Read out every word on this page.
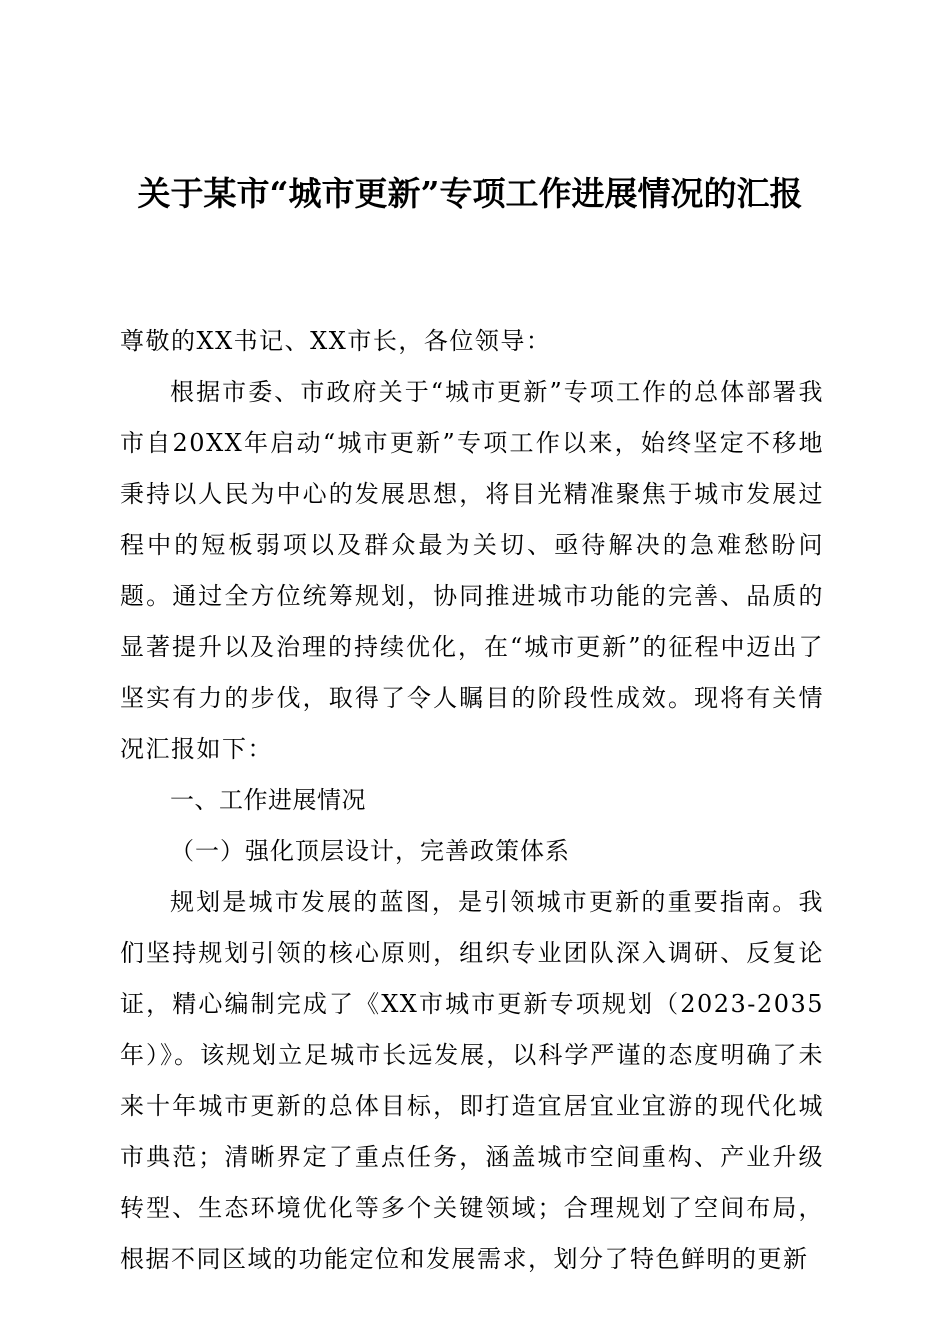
关于某市“城市更新”专项工作进展情况的汇报

尊敬的XX书记、XX市长，各位领导：

根据市委、市政府关于“城市更新”专项工作的总体部署我市自20XX年启动“城市更新”专项工作以来，始终坚定不移地秉持以人民为中心的发展思想，将目光精准聚焦于城市发展过程中的短板弱项以及群众最为关切、亟待解决的急难愁盼问题。通过全方位统筹规划，协同推进城市功能的完善、品质的显著提升以及治理的持续优化，在“城市更新”的征程中迈出了坚实有力的步伐，取得了令人瞩目的阶段性成效。现将有关情况汇报如下：

一、工作进展情况

（一）强化顶层设计，完善政策体系

规划是城市发展的蓝图，是引领城市更新的重要指南。我们坚持规划引领的核心原则，组织专业团队深入调研、反复论证，精心编制完成了《XX市城市更新专项规划（2023-2035年）》。该规划立足城市长远发展，以科学严谨的态度明确了未来十年城市更新的总体目标，即打造宜居宜业宜游的现代化城市典范；清晰界定了重点任务，涵盖城市空间重构、产业升级转型、生态环境优化等多个关键领域；合理规划了空间布局，根据不同区域的功能定位和发展需求，划分了特色鲜明的更新
